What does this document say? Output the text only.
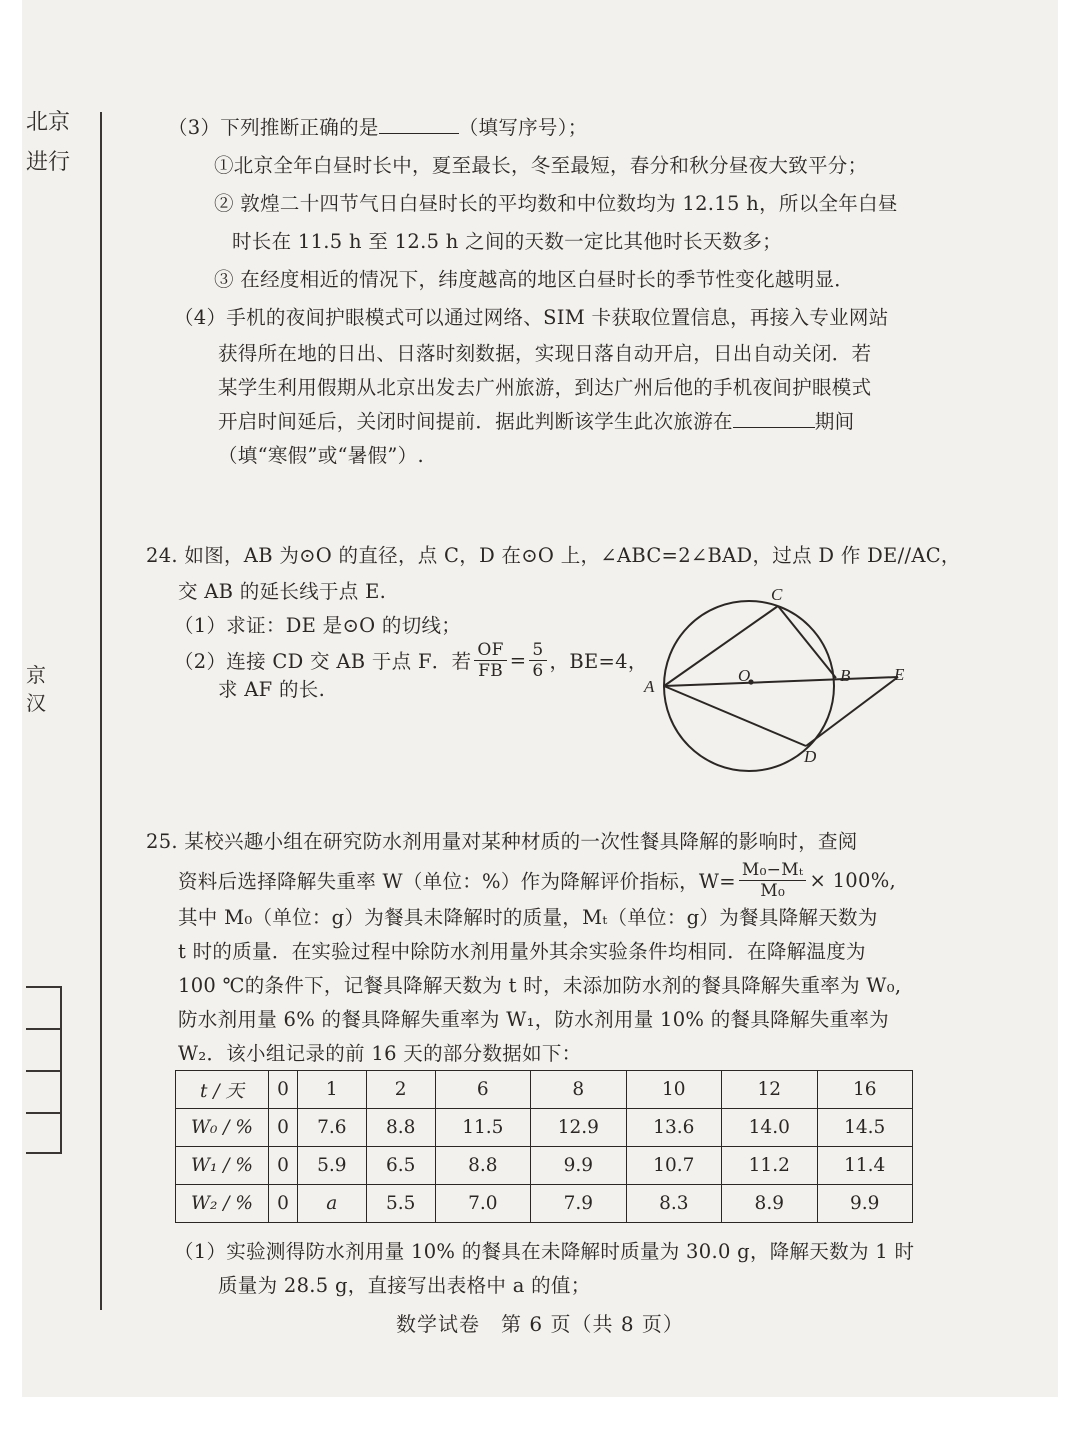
北京
进行
京
汉
（3）下列推断正确的是	（填写序号）；
①北京全年白昼时长中，夏至最长，冬至最短，春分和秋分昼夜大致平分；
② 敦煌二十四节气日白昼时长的平均数和中位数均为 12.15 h，所以全年白昼
时长在 11.5 h 至 12.5 h 之间的天数一定比其他时长天数多；
③ 在经度相近的情况下，纬度越高的地区白昼时长的季节性变化越明显．
（4）手机的夜间护眼模式可以通过网络、SIM 卡获取位置信息，再接入专业网站
获得所在地的日出、日落时刻数据，实现日落自动开启，日出自动关闭．若
某学生利用假期从北京出发去广州旅游，到达广州后他的手机夜间护眼模式
开启时间延后，关闭时间提前．据此判断该学生此次旅游在	期间
（填“寒假”或“暑假”）.
24. 如图，AB 为⊙O 的直径，点 C，D 在⊙O 上，∠ABC=2∠BAD，过点 D 作 DE//AC，
交 AB 的延长线于点 E.
（1）求证：DE 是⊙O 的切线；
（2）连接 CD 交 AB 于点 F．若 $\frac{OF}{FB} = \frac{5}{6}$ ，BE=4，
求 AF 的长.	A
C
O	B	E
D
25. 某校兴趣小组在研究防水剂用量对某种材质的一次性餐具降解的影响时，查阅
资料后选择降解失重率 W（单位：%）作为降解评价指标，$W= \frac{\text{M₀−Mₜ}}{\text{M₀}} \times 100\%$,
其中 M₀（单位：g）为餐具未降解时的质量，Mₜ（单位：g）为餐具降解天数为
t 时的质量．在实验过程中除防水剂用量外其余实验条件均相同．在降解温度为
100 ℃的条件下，记餐具降解天数为 t 时，未添加防水剂的餐具降解失重率为 W₀,
防水剂用量 6% 的餐具降解失重率为 W₁，防水剂用量 10% 的餐具降解失重率为
W₂．该小组记录的前 16 天的部分数据如下：
t / 天	0	1	2	6	8	10	12	16
W₀ / %	0	7.6	8.8	11.5	12.9	13.6	14.0	14.5
W₁ / %	0	5.9	6.5	8.8	9.9	10.7	11.2	11.4
W₂ / %	0	a	5.5	7.0	7.9	8.3	8.9	9.9
（1）实验测得防水剂用量 10% 的餐具在未降解时质量为 30.0 g，降解天数为 1 时
质量为 28.5 g，直接写出表格中 a 的值；
数学试卷　第 6 页（共 8 页）
